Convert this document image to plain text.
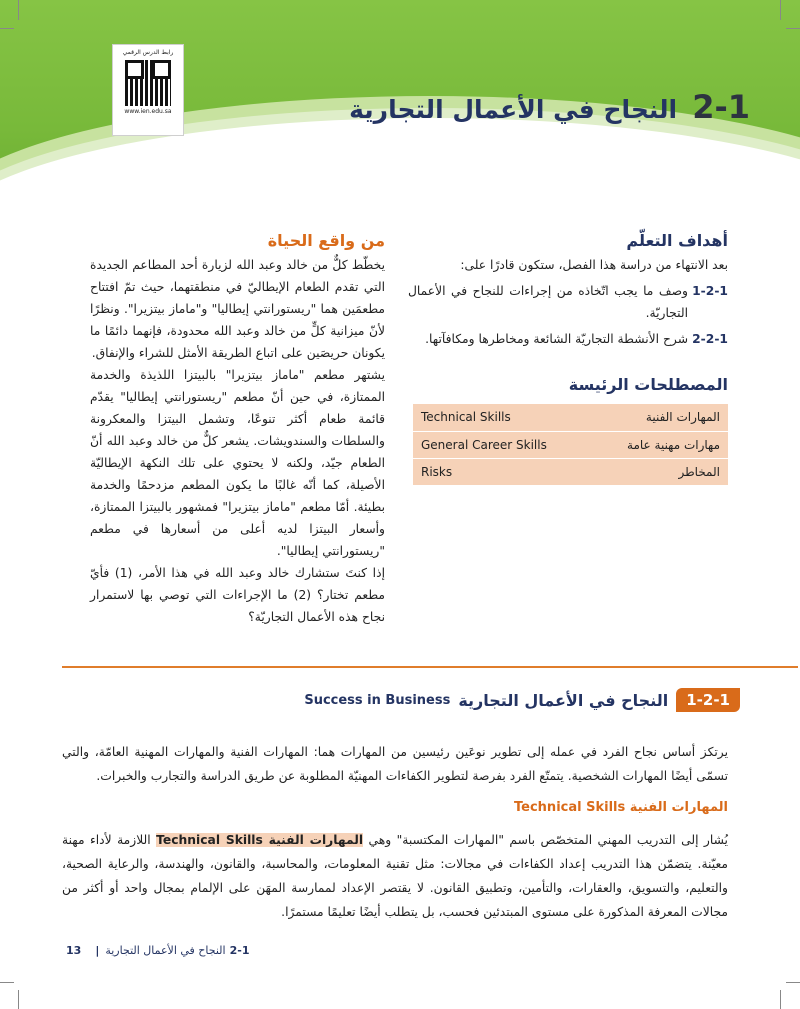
رابط الدرس الرقمي
www.ien.edu.sa	2-1 النجاح في الأعمال التجارية
أهداف التعلّم
بعد الانتهاء من دراسة هذا الفصل، ستكون قادرًا على:
1-2-1
وصف ما يجب اتّخاذه من إجراءات للنجاح في الأعمال التجاريّة.
2-2-1
شرح الأنشطة التجاريّة الشائعة ومخاطرها ومكافآتها.
المصطلحات الرئيسة
المهارات الفنية	Technical Skills
مهارات مهنية عامة	General Career Skills
المخاطر	Risks
من واقع الحياة

يخطّط كلٌّ من خالد وعبد الله لزيارة أحد المطاعم الجديدة التي تقدم الطعام الإيطاليّ في منطقتهما، حيث تمّ افتتاح مطعمَين هما "ريستورانتي إيطاليا" و"ماماز بيتزيرا". ونظرًا لأنّ ميزانية كلٍّ من خالد وعبد الله محدودة، فإنهما دائمًا ما يكونان حريصَين على اتباع الطريقة الأمثل للشراء والإنفاق.

يشتهر مطعم "ماماز بيتزيرا" بالبيتزا اللذيذة والخدمة الممتازة، في حين أنّ مطعم "ريستورانتي إيطاليا" يقدّم قائمة طعام أكثر تنوعًا، وتشمل البيتزا والمعكرونة والسلطات والسندويشات. يشعر كلٌّ من خالد وعبد الله أنّ الطعام جيّد، ولكنه لا يحتوي على تلك النكهة الإيطاليّة الأصيلة، كما أنّه غالبًا ما يكون المطعم مزدحمًا والخدمة بطيئة. أمّا مطعم "ماماز بيتزيرا" فمشهور بالبيتزا الممتازة، وأسعار البيتزا لديه أعلى من أسعارها في مطعم "ريستورانتي إيطاليا".

إذا كنتَ ستشارك خالد وعبد الله في هذا الأمر، (1) فأيّ مطعم تختار؟ (2) ما الإجراءات التي توصي بها لاستمرار نجاح هذه الأعمال التجاريّة؟

1-2-1
النجاح في الأعمال التجارية
Success in Business

يرتكز أساس نجاح الفرد في عمله إلى تطوير نوعَين رئيسين من المهارات هما: المهارات الفنية والمهارات المهنية العامّة، والتي تسمّى أيضًا المهارات الشخصية. يتمتّع الفرد بفرصة لتطوير الكفاءات المهنيّة المطلوبة عن طريق الدراسة والتجارب والخبرات.

المهارات الفنية Technical Skills

يُشار إلى التدريب المهني المتخصّص باسم "المهارات المكتسبة" وهي المهارات الفنية Technical Skills اللازمة لأداء مهنة معيّنة. يتضمّن هذا التدريب إعداد الكفاءات في مجالات: مثل تقنية المعلومات، والمحاسبة، والقانون، والهندسة، والرعاية الصحية، والتعليم، والتسويق، والعقارات، والتأمين، وتطبيق القانون. لا يقتصر الإعداد لممارسة المهَن على الإلمام بمجال واحد أو أكثر من مجالات المعرفة المذكورة على مستوى المبتدئين فحسب، بل يتطلب أيضًا تعليمًا مستمرًا.

2-1
النجاح في الأعمال التجارية
|
13
